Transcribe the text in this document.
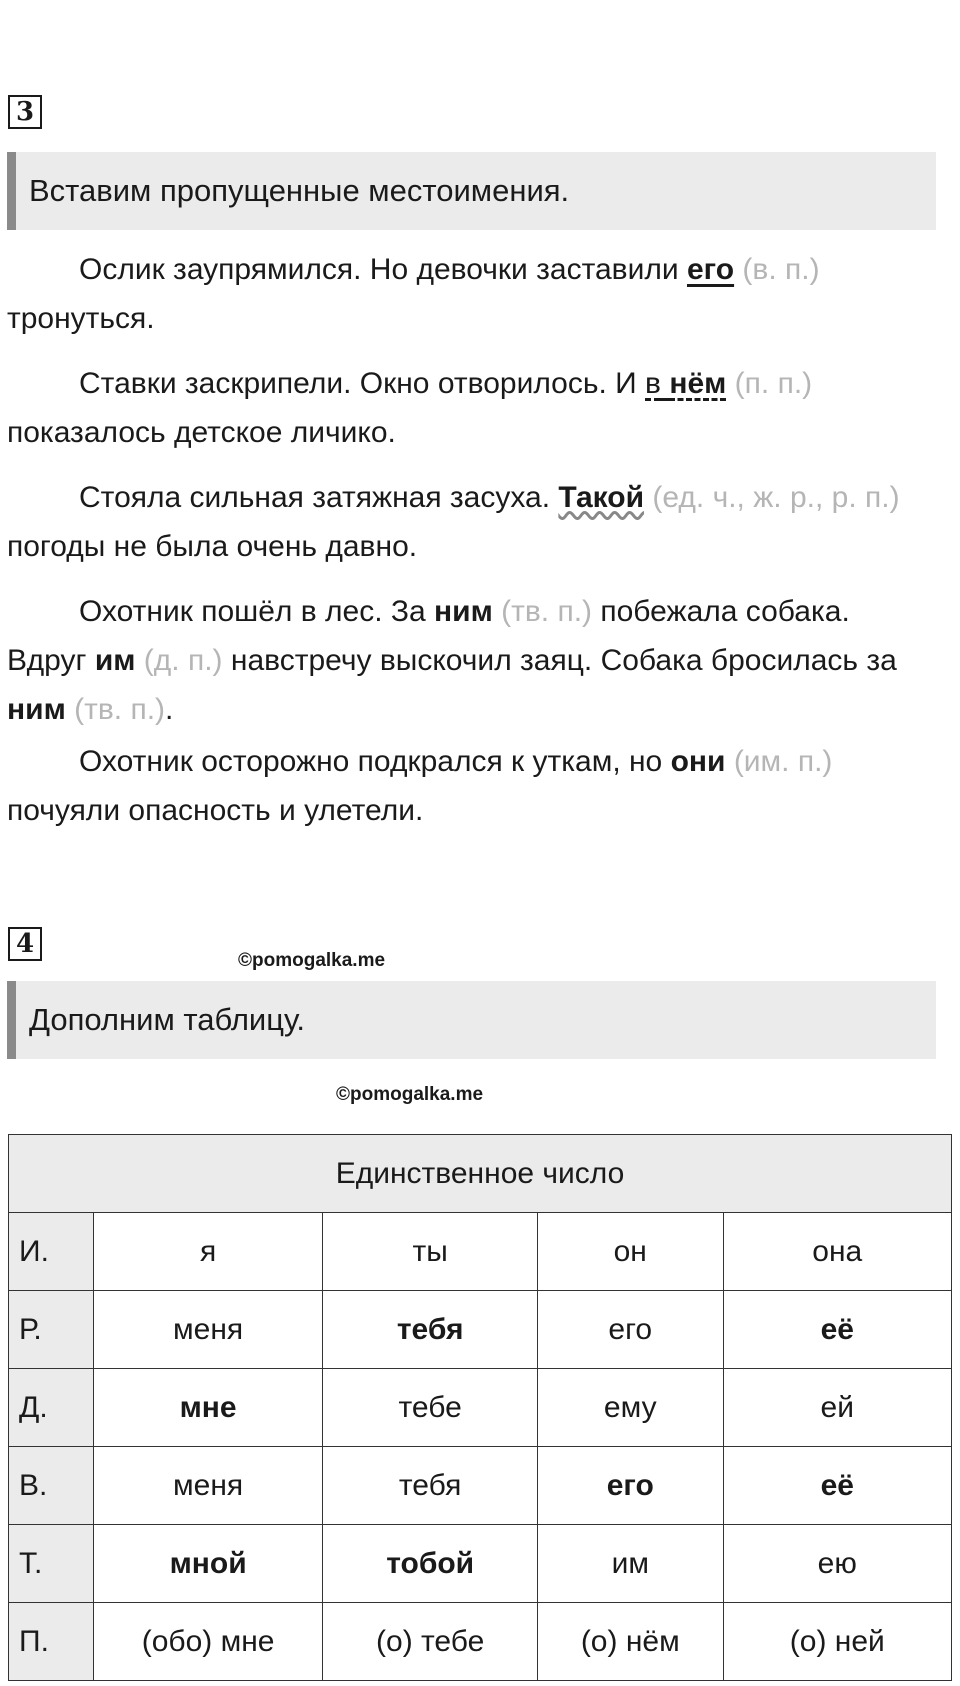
3
Вставим пропущенные местоимения.

Ослик заупрямился. Но девочки заставили его (в. п.)
тронуться.

Ставки заскрипели. Окно отворилось. И в нём (п. п.)
показалось детское личико.

Стояла сильная затяжная засуха. Такой (ед. ч., ж. р., р. п.) погоды не была очень давно.

Охотник пошёл в лес. За ним (тв. п.) побежала собака. Вдруг им (д. п.) навстречу выскочил заяц. Собака бросилась за ним (тв. п.).

Охотник осторожно подкрался к уткам, но они (им. п.)
почуяли опасность и улетели.

4
©pomogalka.me
Дополним таблицу.
©pomogalka.me
Единственное число				
И.	я	ты	он	она
Р.	меня	тебя	его	её
Д.	мне	тебе	ему	ей
В.	меня	тебя	его	её
Т.	мной	тобой	им	ею
П.	(обо) мне	(о) тебе	(о) нём	(о) ней
